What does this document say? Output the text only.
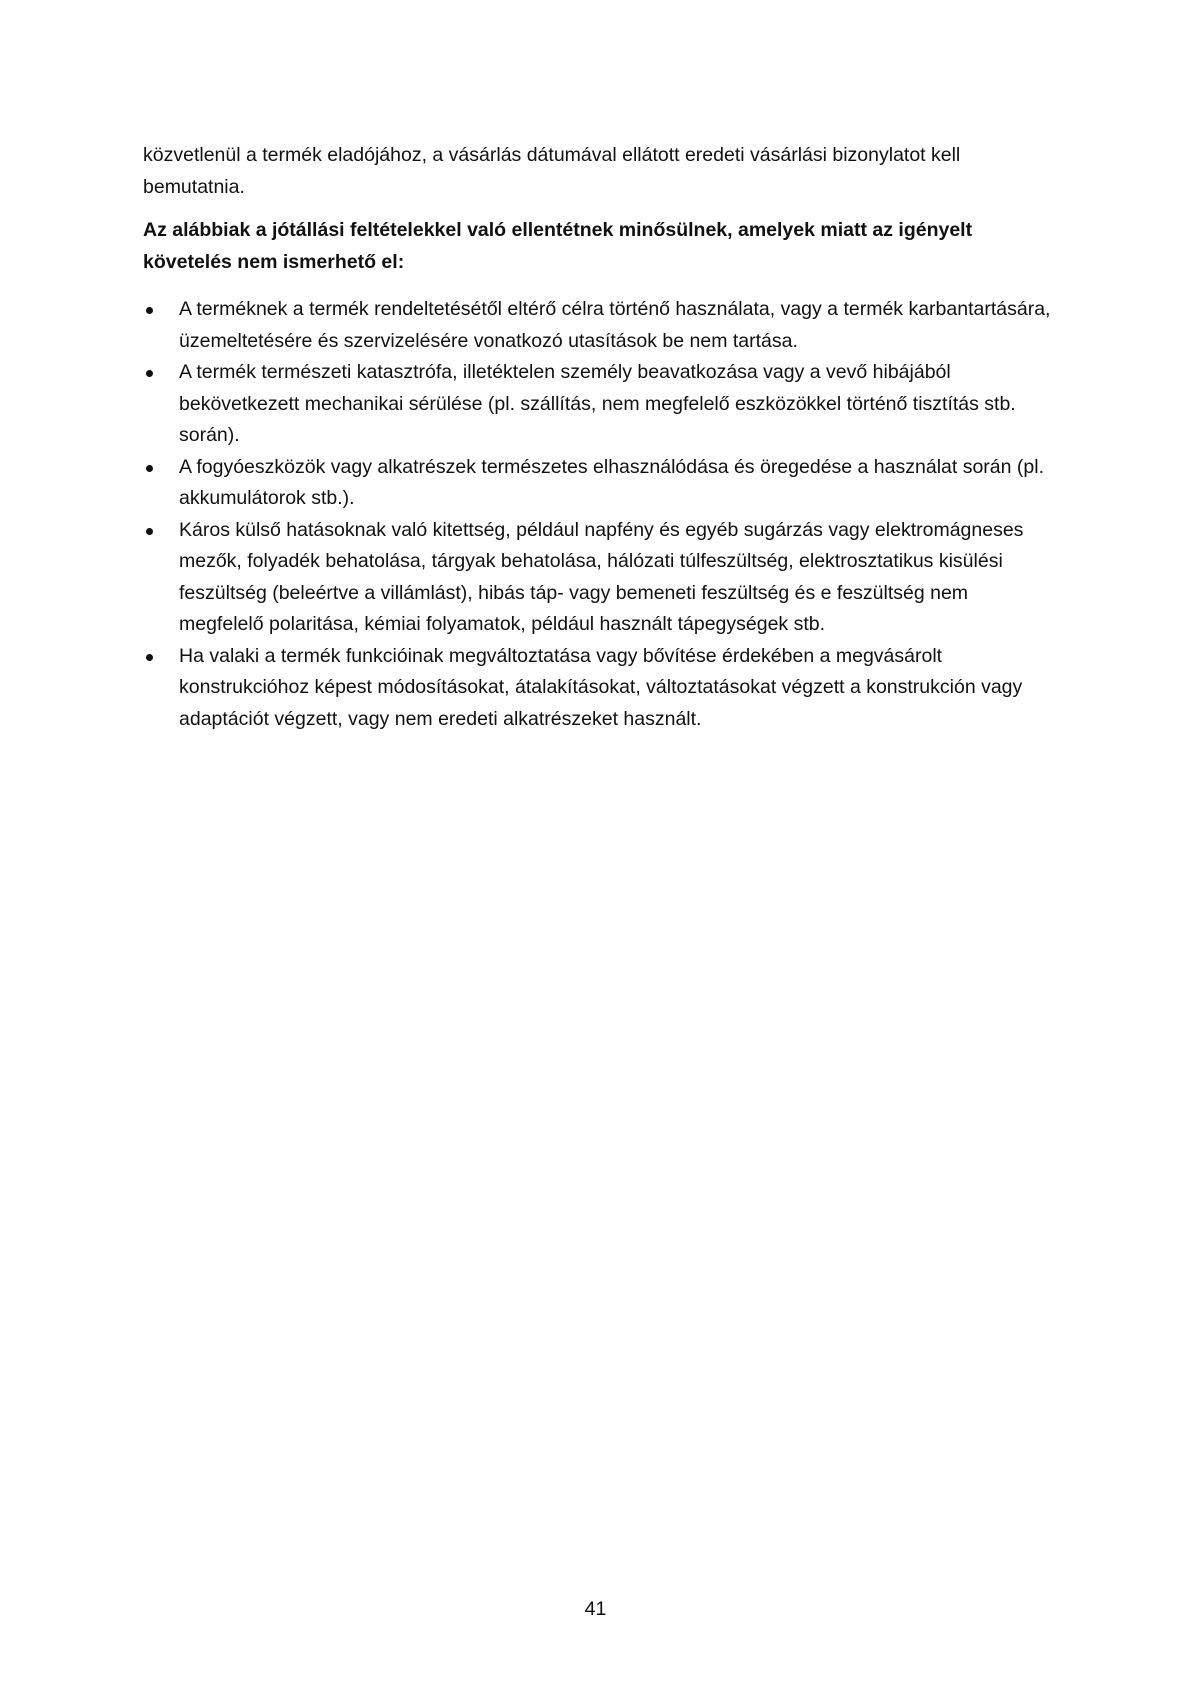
közvetlenül a termék eladójához, a vásárlás dátumával ellátott eredeti vásárlási bizonylatot kell bemutatnia.

Az alábbiak a jótállási feltételekkel való ellentétnek minősülnek, amelyek miatt az igényelt követelés nem ismerhető el:

A terméknek a termék rendeltetésétől eltérő célra történő használata, vagy a termék karbantartására, üzemeltetésére és szervizelésére vonatkozó utasítások be nem tartása.
A termék természeti katasztrófa, illetéktelen személy beavatkozása vagy a vevő hibájából bekövetkezett mechanikai sérülése (pl. szállítás, nem megfelelő eszközökkel történő tisztítás stb. során).
A fogyóeszközök vagy alkatrészek természetes elhasználódása és öregedése a használat során (pl. akkumulátorok stb.).
Káros külső hatásoknak való kitettség, például napfény és egyéb sugárzás vagy elektromágneses mezők, folyadék behatolása, tárgyak behatolása, hálózati túlfeszültség, elektrosztatikus kisülési feszültség (beleértve a villámlást), hibás táp- vagy bemeneti feszültség és e feszültség nem megfelelő polaritása, kémiai folyamatok, például használt tápegységek stb.
Ha valaki a termék funkcióinak megváltoztatása vagy bővítése érdekében a megvásárolt konstrukcióhoz képest módosításokat, átalakításokat, változtatásokat végzett a konstrukción vagy adaptációt végzett, vagy nem eredeti alkatrészeket használt.
41
